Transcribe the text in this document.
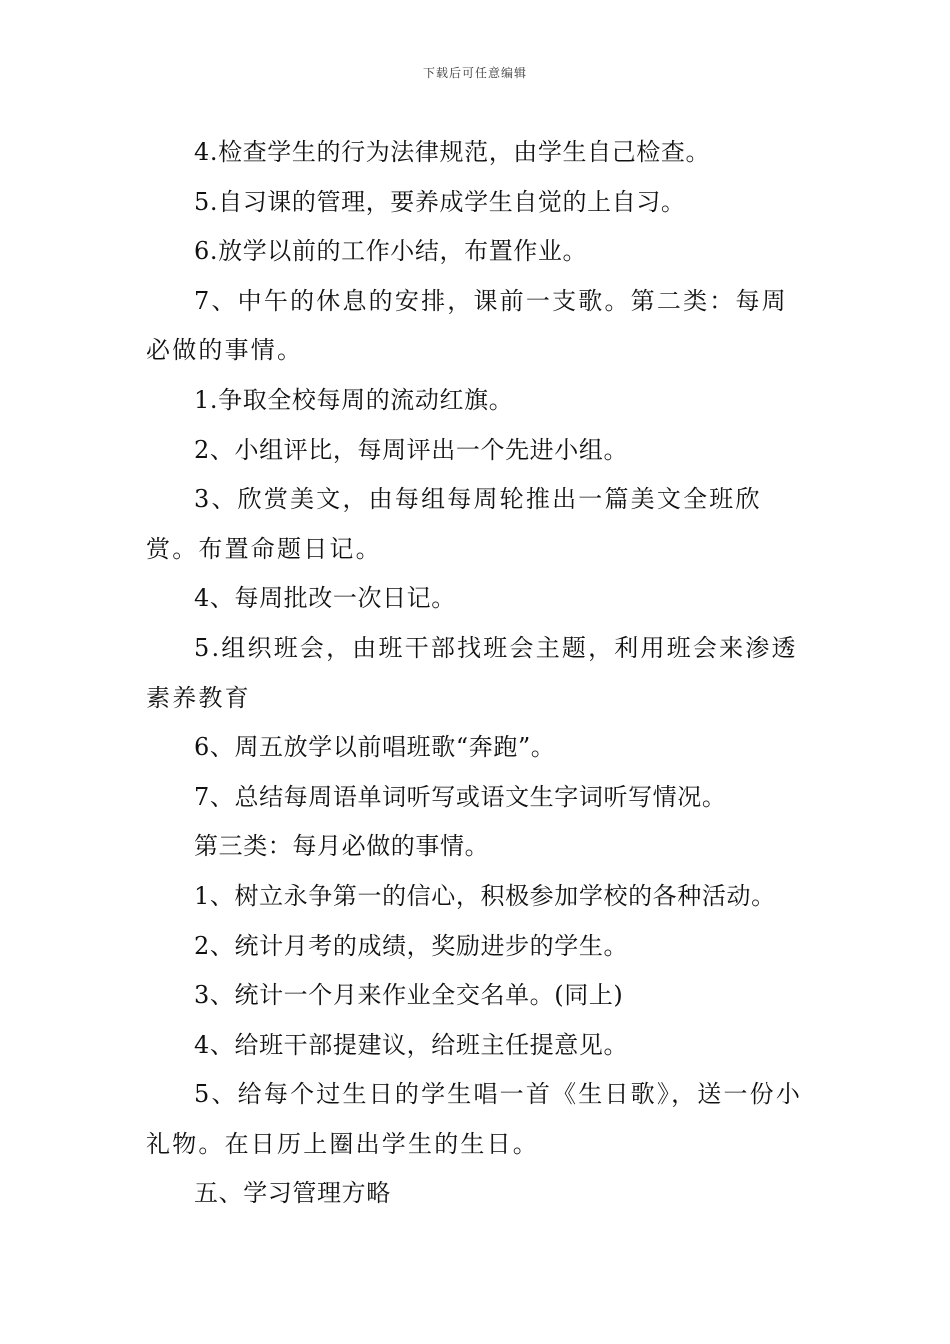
下载后可任意编辑

4.检查学生的行为法律规范，由学生自己检查。

5.自习课的管理，要养成学生自觉的上自习。

6.放学以前的工作小结，布置作业。

7、中午的休息的安排，课前一支歌。第二类：每周必做的事情。

1.争取全校每周的流动红旗。

2、小组评比，每周评出一个先进小组。

3、欣赏美文，由每组每周轮推出一篇美文全班欣赏。布置命题日记。

4、每周批改一次日记。

5.组织班会，由班干部找班会主题，利用班会来渗透素养教育

6、周五放学以前唱班歌“奔跑”。

7、总结每周语单词听写或语文生字词听写情况。

第三类：每月必做的事情。

1、树立永争第一的信心，积极参加学校的各种活动。

2、统计月考的成绩，奖励进步的学生。

3、统计一个月来作业全交名单。(同上)

4、给班干部提建议，给班主任提意见。

5、给每个过生日的学生唱一首《生日歌》，送一份小礼物。在日历上圈出学生的生日。

五、学习管理方略
